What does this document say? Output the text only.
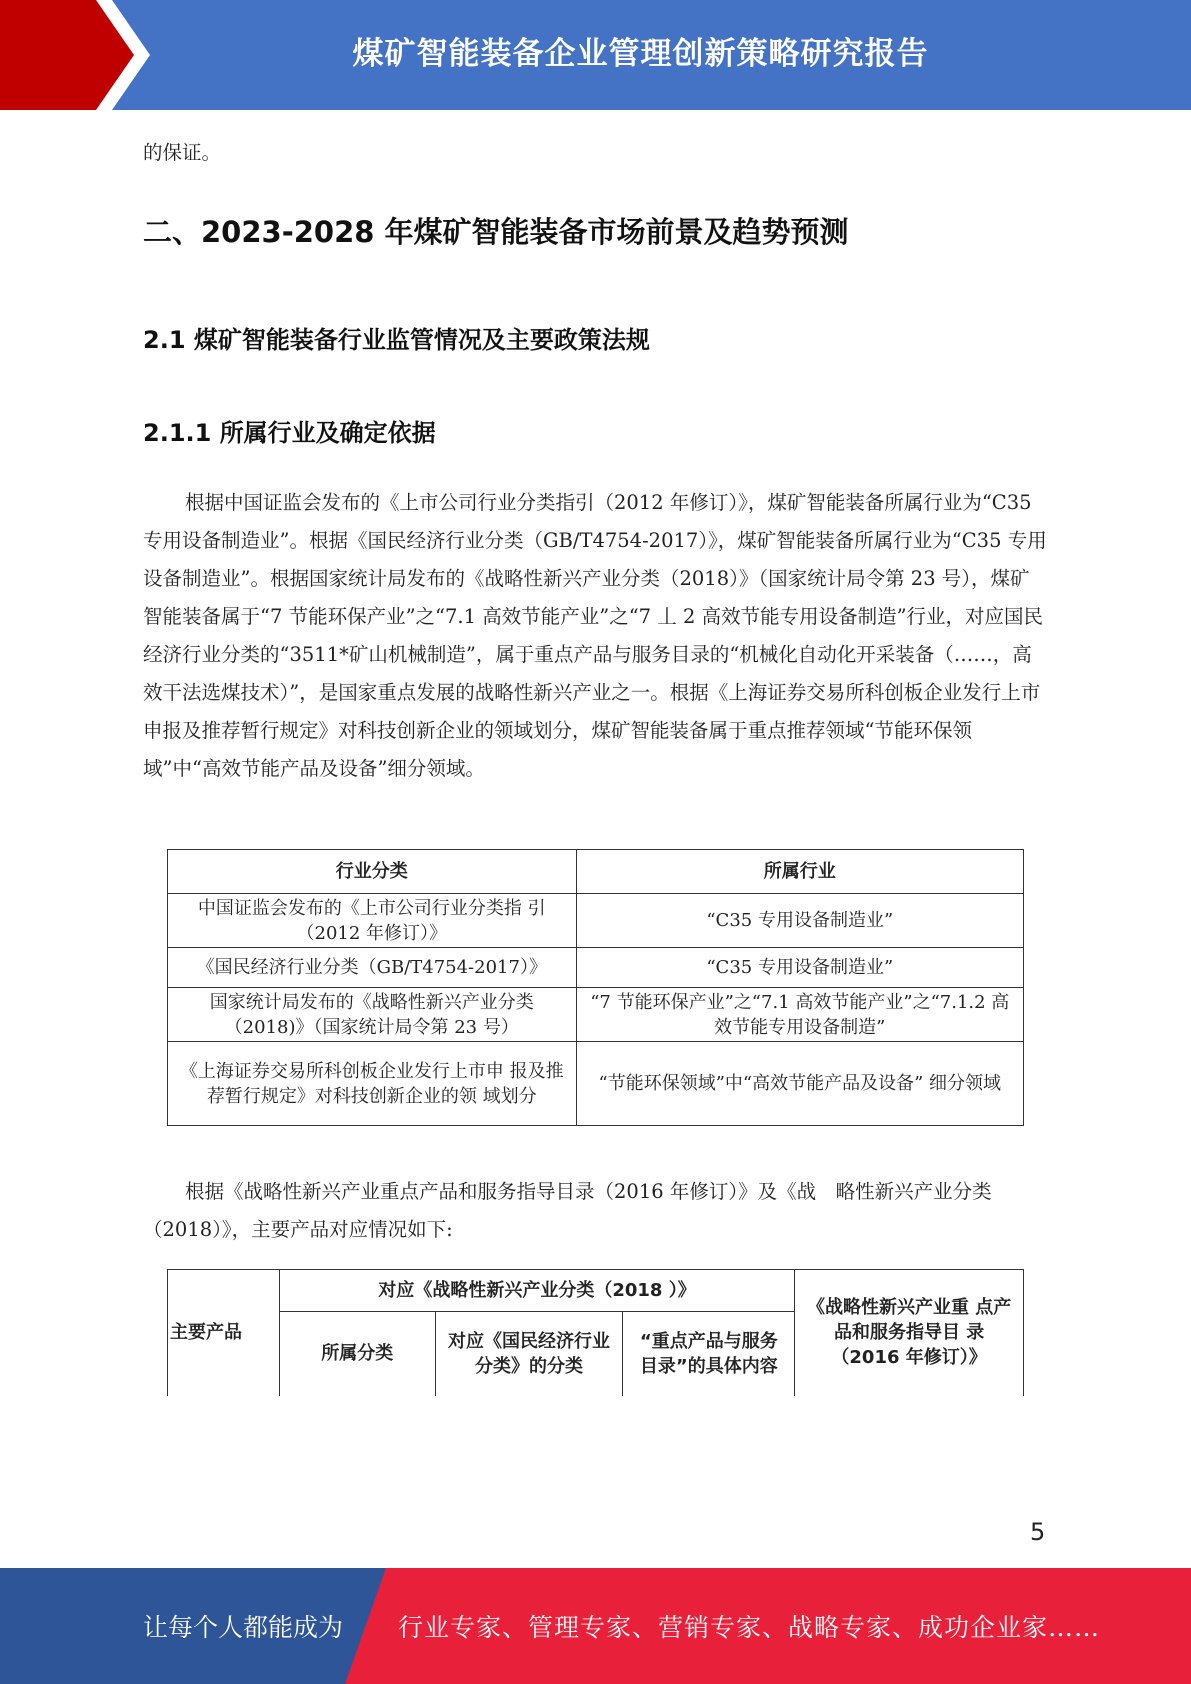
煤矿智能装备企业管理创新策略研究报告
的保证。
二、2023-2028 年煤矿智能装备市场前景及趋势预测
2.1 煤矿智能装备行业监管情况及主要政策法规
2.1.1 所属行业及确定依据
根据中国证监会发布的《上市公司行业分类指引（2012 年修订）》，煤矿智能装备所属行业为“C35 专用设备制造业”。根据《国民经济行业分类（GB/T4754-2017）》，煤矿智能装备所属行业为“C35 专用设备制造业”。根据国家统计局发布的《战略性新兴产业分类（2018）》（国家统计局令第 23 号），煤矿智能装备属于“7 节能环保产业”之“7.1 高效节能产业”之“7 丄 2 高效节能专用设备制造”行业，对应国民经济行业分类的“3511*矿山机械制造”，属于重点产品与服务目录的“机械化自动化开采装备（……，高效干法选煤技术）”，是国家重点发展的战略性新兴产业之一。根据《上海证券交易所科创板企业发行上市申报及推荐暂行规定》对科技创新企业的领域划分，煤矿智能装备属于重点推荐领域“节能环保领域”中“高效节能产品及设备”细分领域。
行业分类	所属行业
中国证监会发布的《上市公司行业分类指 引（2012 年修订）》	“C35 专用设备制造业”
《国民经济行业分类（GB/T4754-2017）》	“C35 专用设备制造业”
国家统计局发布的《战略性新兴产业分类（2018)》（国家统计局令第 23 号）	“7 节能环保产业”之“7.1 高效节能产业”之“7.1.2 高效节能专用设备制造”
《上海证券交易所科创板企业发行上市申 报及推荐暂行规定》对科技创新企业的领 域划分	“节能环保领域”中“高效节能产品及设备” 细分领域
根据《战略性新兴产业重点产品和服务指导目录（2016 年修订）》及《战　略性新兴产业分类（2018）》，主要产品对应情况如下:
主要产品	对应《战略性新兴产业分类（2018 ）》			《战略性新兴产业重 点产品和服务指导目 录（2016 年修订）》
	所属分类	对应《国民经济行业分类》的分类	“重点产品与服务目录”的具体内容	
5
让每个人都能成为 行业专家、管理专家、营销专家、战略专家、成功企业家……
